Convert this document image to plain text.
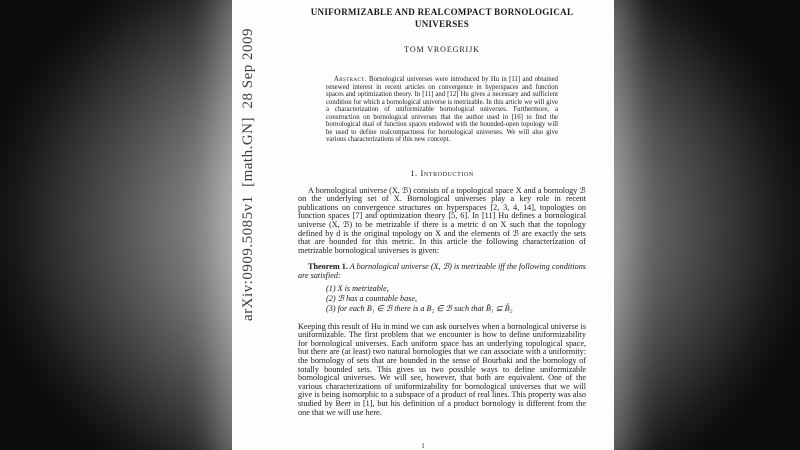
arXiv:0909.5085v1  [math.GN]  28 Sep 2009
UNIFORMIZABLE AND REALCOMPACT BORNOLOGICAL UNIVERSES
TOM VROEGRIJK

Abstract. Bornological universes were introduced by Hu in [11] and obtained renewed interest in recent articles on convergence in hyperspaces and function spaces and optimization theory. In [11] and [12] Hu gives a necessary and sufficient condition for which a bornological universe is metrizable. In this article we will give a characterization of uniformizable bornological universes. Furthermore, a construction on bornological universes that the author used in [16] to find the bornological dual of function spaces endowed with the bounded-open topology will be used to define realcompactness for bornological universes. We will also give various characterizations of this new concept.

1. Introduction

A bornological universe (X, ℬ) consists of a topological space X and a bornology ℬ on the underlying set of X. Bornological universes play a key role in recent publications on convergence structures on hyperspaces [2, 3, 4, 14], topologies on function spaces [7] and optimization theory [5, 6]. In [11] Hu defines a bornological universe (X, ℬ) to be metrizable if there is a metric d on X such that the topology defined by d is the original topology on X and the elements of ℬ are exactly the sets that are bounded for this metric. In this article the following characterization of metrizable bornological universes is given:

Theorem 1. A bornological universe (X, ℬ) is metrizable iff the following conditions are satisfied:

(1) X is metrizable,

(2) ℬ has a countable base,

(3) for each B₁ ∈ ℬ there is a B₂ ∈ ℬ such that B̄₁ ⊆ B̊₂

Keeping this result of Hu in mind we can ask ourselves when a bornological universe is uniformizable. The first problem that we encounter is how to define uniformizability for bornological universes. Each uniform space has an underlying topological space, but there are (at least) two natural bornologies that we can associate with a uniformity: the bornology of sets that are bounded in the sense of Bourbaki and the bornology of totally bounded sets. This gives us two possible ways to define uniformizable bornological universes. We will see, however, that both are equivalent. One of the various characterizations of uniformizability for bornological universes that we will give is being isomorphic to a subspace of a product of real lines. This property was also studied by Beer in [1], but his definition of a product bornology is different from the one that we will use here.

1
